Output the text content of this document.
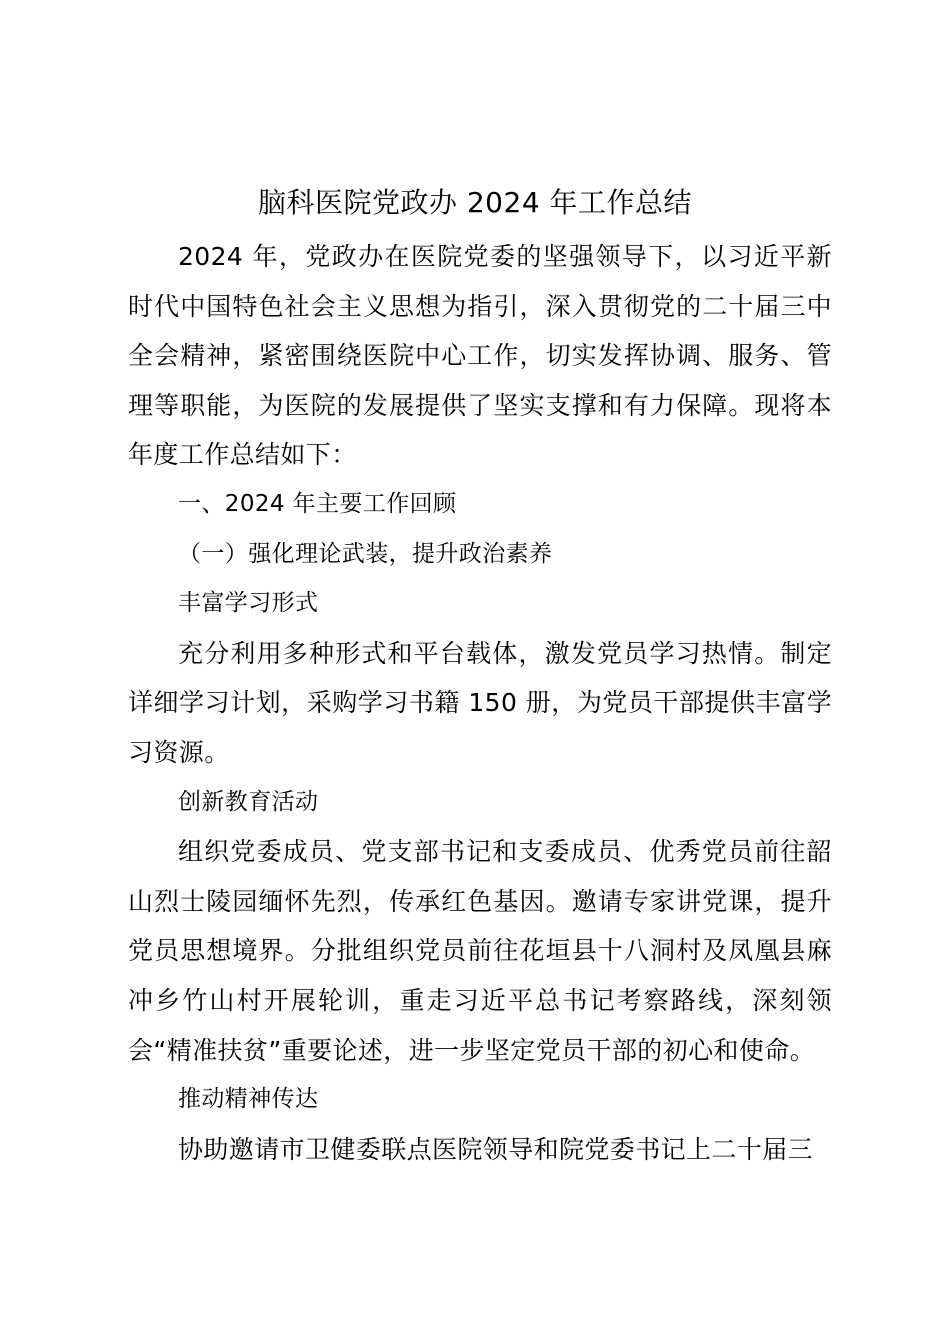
脑科医院党政办 2024 年工作总结

2024 年，党政办在医院党委的坚强领导下，以习近平新时代中国特色社会主义思想为指引，深入贯彻党的二十届三中全会精神，紧密围绕医院中心工作，切实发挥协调、服务、管理等职能，为医院的发展提供了坚实支撑和有力保障。现将本年度工作总结如下：

一、2024 年主要工作回顾

（一）强化理论武装，提升政治素养

丰富学习形式

充分利用多种形式和平台载体，激发党员学习热情。制定详细学习计划，采购学习书籍 150 册，为党员干部提供丰富学习资源。

创新教育活动

组织党委成员、党支部书记和支委成员、优秀党员前往韶山烈士陵园缅怀先烈，传承红色基因。邀请专家讲党课，提升党员思想境界。分批组织党员前往花垣县十八洞村及凤凰县麻冲乡竹山村开展轮训，重走习近平总书记考察路线，深刻领会“精准扶贫”重要论述，进一步坚定党员干部的初心和使命。

推动精神传达

协助邀请市卫健委联点医院领导和院党委书记上二十届三
